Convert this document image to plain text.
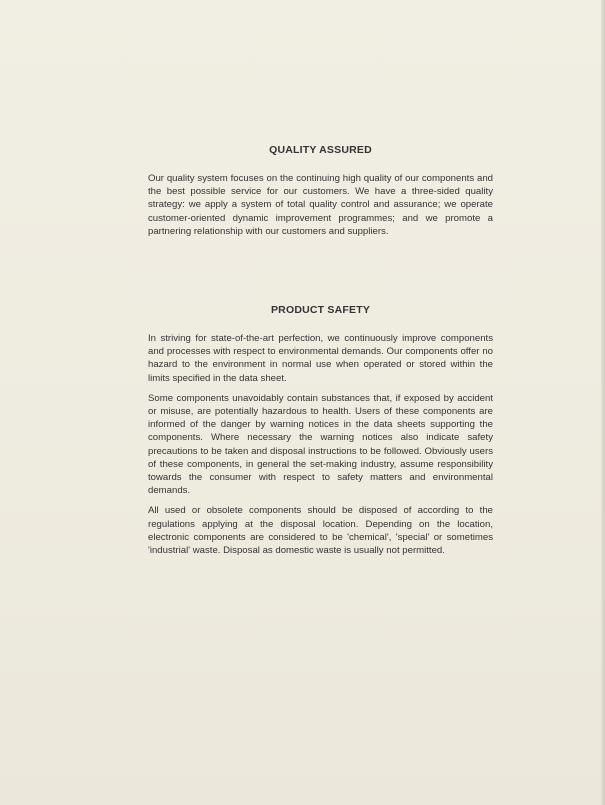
QUALITY ASSURED

Our quality system focuses on the continuing high quality of our components and the best possible service for our customers. We have a three-sided quality strategy: we apply a system of total quality control and assurance; we operate customer-oriented dynamic improvement programmes; and we promote a partnering relationship with our customers and suppliers.

PRODUCT SAFETY

In striving for state-of-the-art perfection, we continuously improve components and processes with respect to environmental demands. Our components offer no hazard to the environment in normal use when operated or stored within the limits specified in the data sheet.

Some components unavoidably contain substances that, if exposed by accident or misuse, are potentially hazardous to health. Users of these components are informed of the danger by warning notices in the data sheets supporting the components. Where necessary the warning notices also indicate safety precautions to be taken and disposal instructions to be followed. Obviously users of these components, in general the set-making industry, assume responsibility towards the consumer with respect to safety matters and environmental demands.

All used or obsolete components should be disposed of according to the regulations applying at the disposal location. Depending on the location, electronic components are considered to be 'chemical', 'special' or sometimes 'industrial' waste. Disposal as domestic waste is usually not permitted.
